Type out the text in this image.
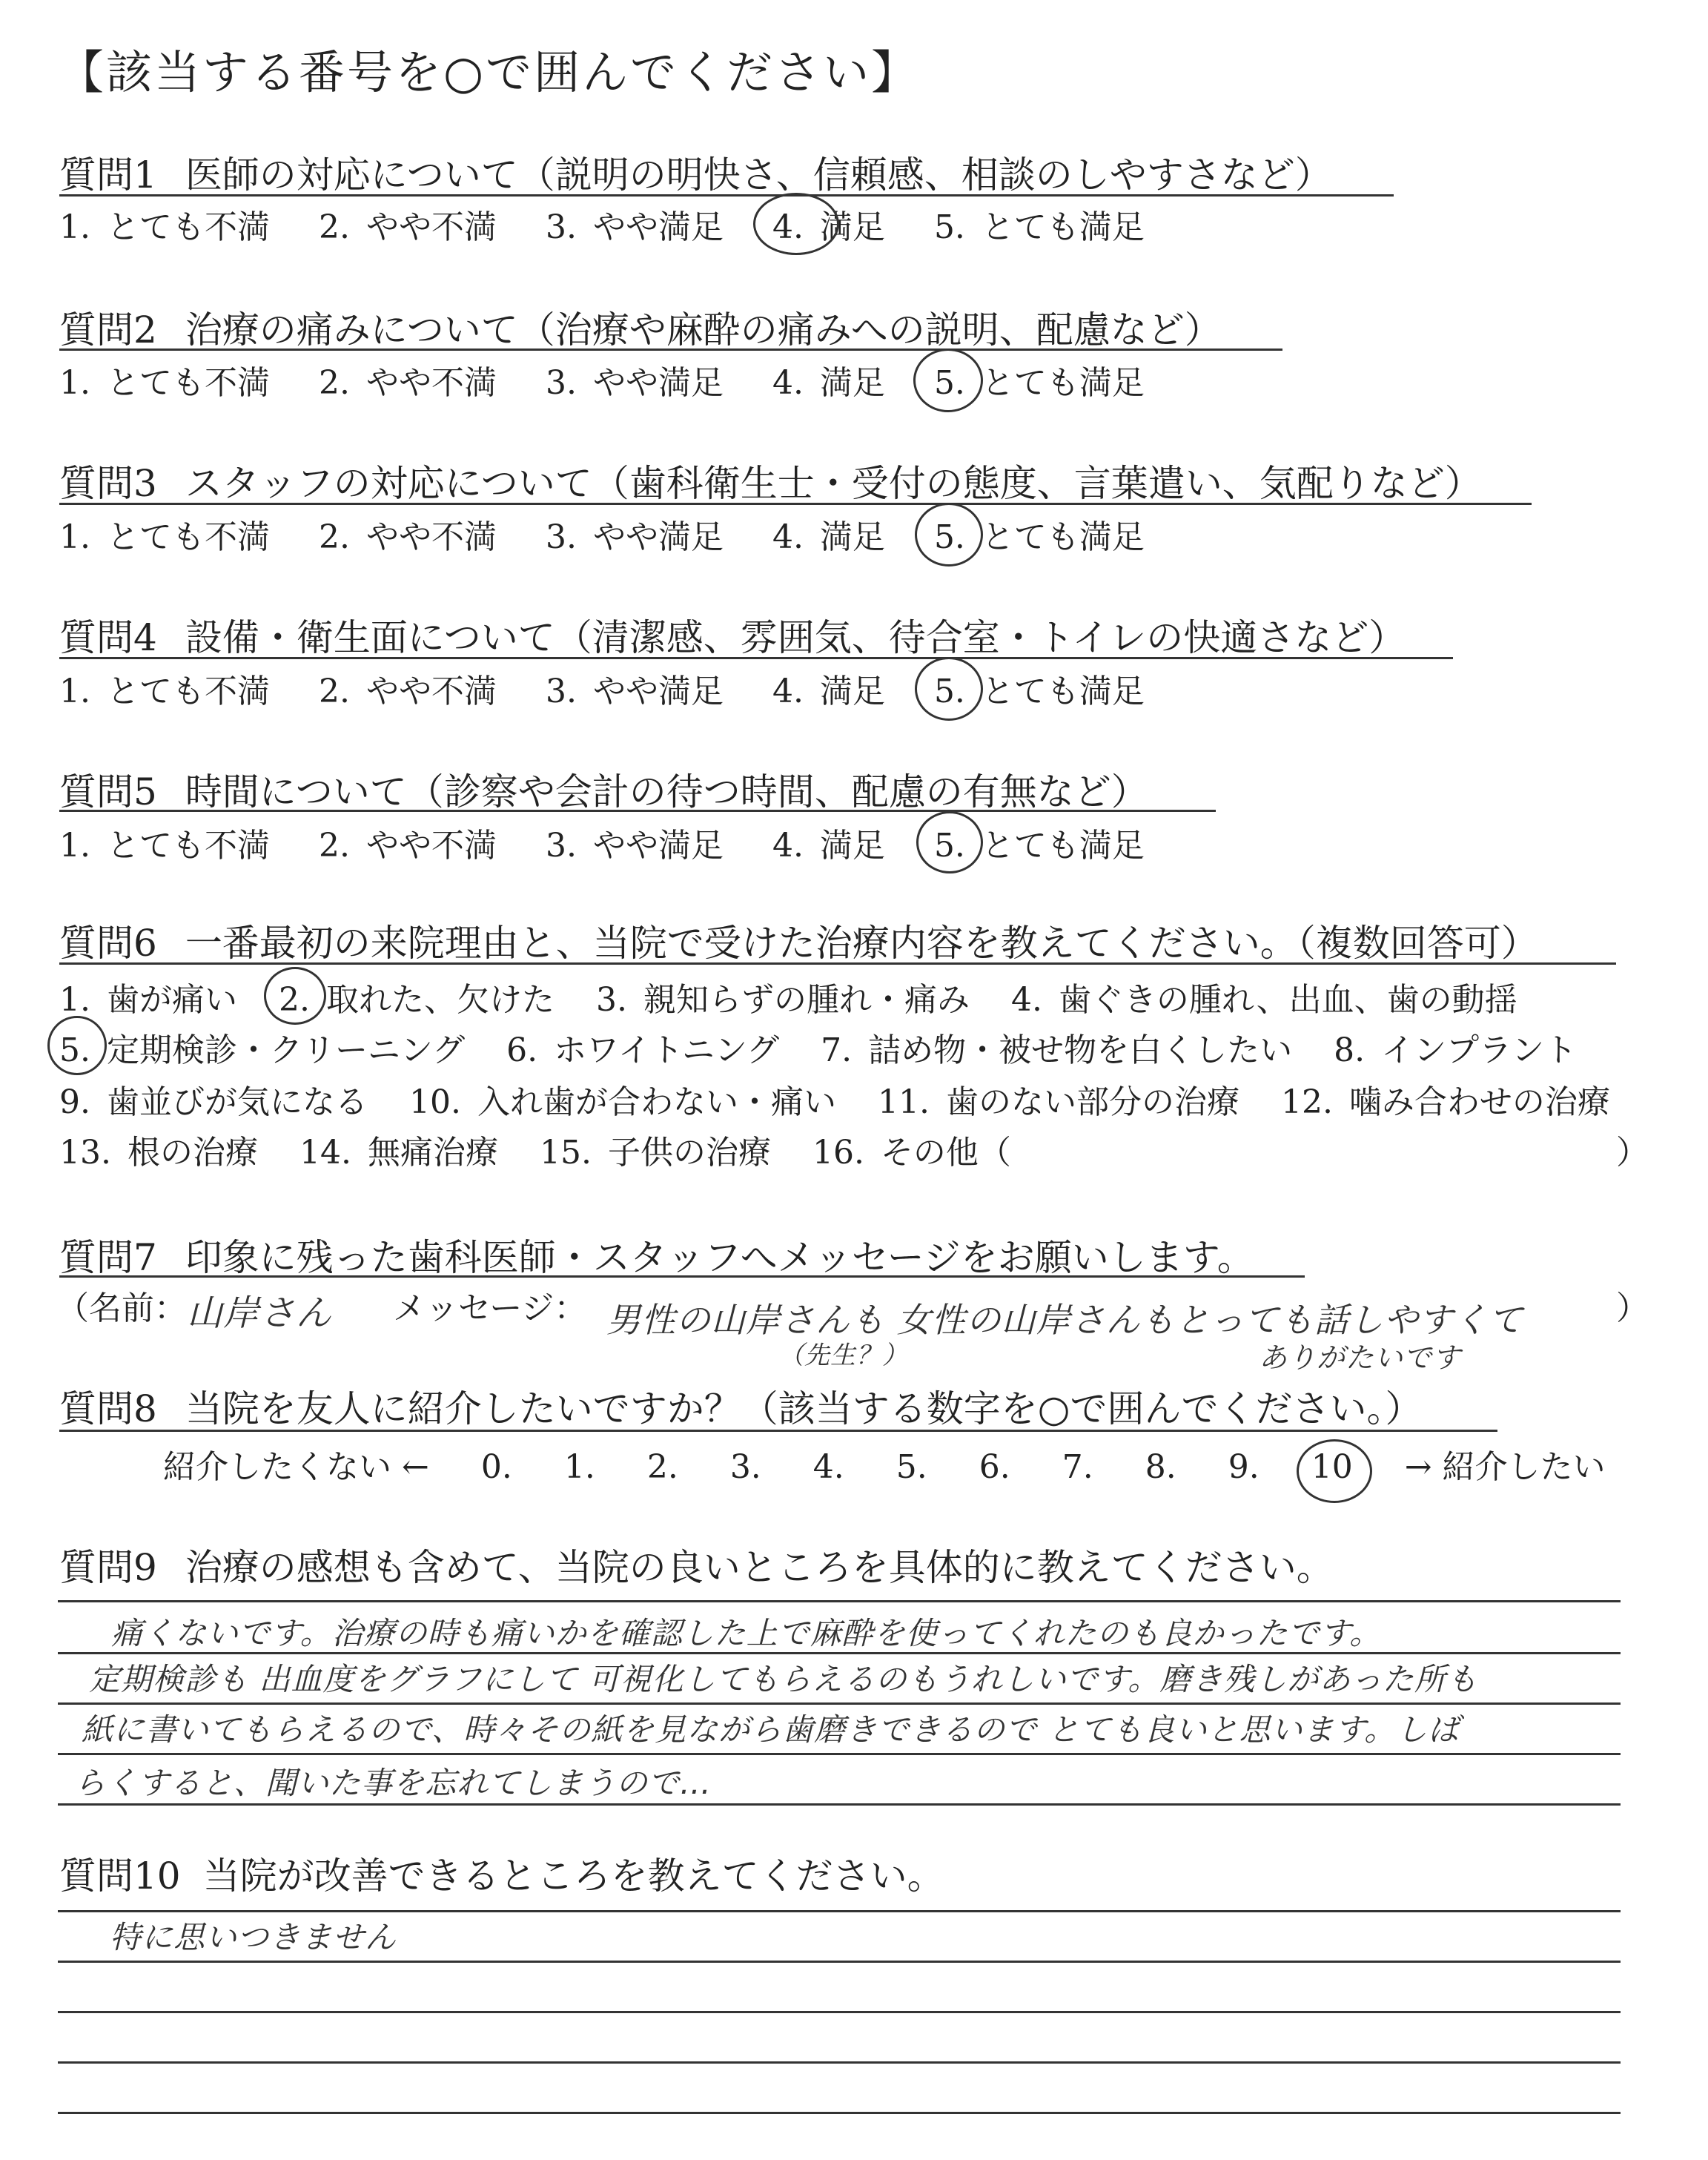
【該当する番号を○で囲んでください】
質問1 医師の対応について（説明の明快さ、信頼感、相談のしやすさなど）
1. とても不満 2. やや不満 3. やや満足 4. 満足 5. とても満足
質問2 治療の痛みについて（治療や麻酔の痛みへの説明、配慮など）
1. とても不満 2. やや不満 3. やや満足 4. 満足 5. とても満足
質問3 スタッフの対応について（歯科衛生士・受付の態度、言葉遣い、気配りなど）
1. とても不満 2. やや不満 3. やや満足 4. 満足 5. とても満足
質問4 設備・衛生面について（清潔感、雰囲気、待合室・トイレの快適さなど）
1. とても不満 2. やや不満 3. やや満足 4. 満足 5. とても満足
質問5 時間について（診察や会計の待つ時間、配慮の有無など）
1. とても不満 2. やや不満 3. やや満足 4. 満足 5. とても満足
質問6 一番最初の来院理由と、当院で受けた治療内容を教えてください。（複数回答可）
1. 歯が痛い 2. 取れた、欠けた 3. 親知らずの腫れ・痛み 4. 歯ぐきの腫れ、出血、歯の動揺
5. 定期検診・クリーニング 6. ホワイトニング 7. 詰め物・被せ物を白くしたい 8. インプラント
9. 歯並びが気になる 10. 入れ歯が合わない・痛い 11. 歯のない部分の治療 12. 噛み合わせの治療
13. 根の治療 14. 無痛治療 15. 子供の治療 16. その他（	）
質問7 印象に残った歯科医師・スタッフへメッセージをお願いします。
（名前： 山岸さん メッセージ： 男性の山岸さんも 女性の山岸さんもとっても話しやすくて
（先生？）	ありがたいです
）
質問8 当院を友人に紹介したいですか？（該当する数字を○で囲んでください。）
紹介したくない ← 0. 1. 2. 3. 4. 5. 6. 7. 8. 9. 10 → 紹介したい
質問9 治療の感想も含めて、当院の良いところを具体的に教えてください。
痛くないです。治療の時も痛いかを確認した上で麻酔を使ってくれたのも良かったです。
定期検診も 出血度をグラフにして 可視化してもらえるのもうれしいです。磨き残しがあった所も
紙に書いてもらえるので、時々その紙を見ながら歯磨きできるので とても良いと思います。しば
らくすると、聞いた事を忘れてしまうので…
質問10 当院が改善できるところを教えてください。
特に思いつきません
